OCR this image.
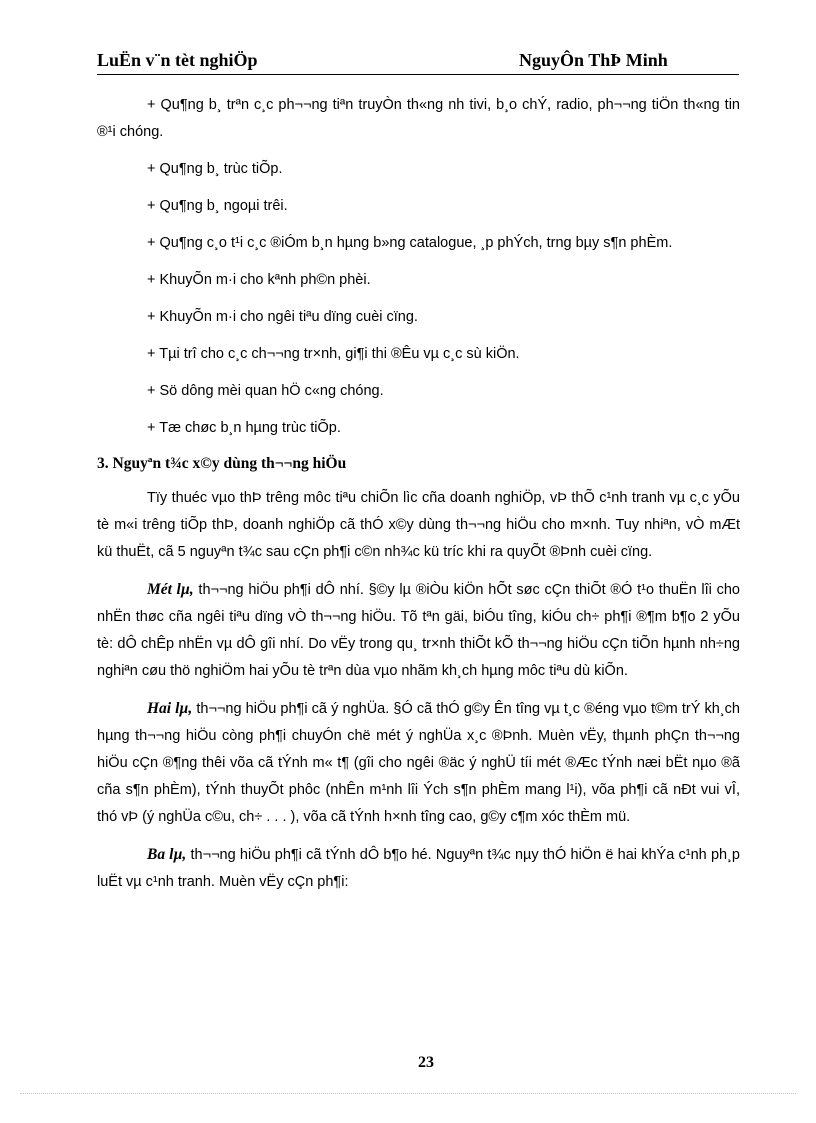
LuËn v¨n tèt nghiÖp	NguyÔn ThÞ Minh

+ Qu¶ng b¸ trªn c¸c ph¬¬ng tiªn truyÒn th«ng nh tivi, b¸o chÝ, radio, ph¬¬ng tiÖn th«ng tin ®¹i chóng.

+ Qu¶ng b¸ trùc tiÕp.

+ Qu¶ng b¸ ngoµi trêi.

+ Qu¶ng c¸o t¹i c¸c ®iÓm b¸n hµng b»ng catalogue, ¸p phÝch, trng bµy s¶n phÈm.

+ KhuyÕn m·i cho kªnh ph©n phèi.

+ KhuyÕn m·i cho ngêi tiªu dïng cuèi cïng.

+ Tµi trî cho c¸c ch¬¬ng tr×nh, gi¶i thi ®Êu vµ c¸c sù kiÖn.

+ Sö dông mèi quan hÖ c«ng chóng.

+ Tæ chøc b¸n hµng trùc tiÕp.

3. Nguyªn t¾c x©y dùng th¬¬ng hiÖu

Tïy thuéc vµo thÞ trêng môc tiªu chiÕn lìc cña doanh nghiÖp, vÞ thÕ c¹nh tranh vµ c¸c yÕu tè m«i trêng tiÕp thÞ, doanh nghiÖp cã thÓ x©y dùng th¬¬ng hiÖu cho m×nh. Tuy nhiªn, vÒ mÆt kü thuËt, cã 5 nguyªn t¾c sau cÇn ph¶i c©n nh¾c kü tríc khi ra quyÕt ®Þnh cuèi cïng.

Mét lµ, th¬¬ng hiÖu ph¶i dÔ nhí. §©y lµ ®iÒu kiÖn hÕt søc cÇn thiÕt ®Ó t¹o thuËn lîi cho nhËn thøc cña ngêi tiªu dïng vÒ th¬¬ng hiÖu. Tõ tªn gäi, biÓu tîng, kiÓu ch÷ ph¶i ®¶m b¶o 2 yÕu tè: dÔ chÊp nhËn vµ dÔ gîi nhí. Do vËy trong qu¸ tr×nh thiÕt kÕ th¬¬ng hiÖu cÇn tiÕn hµnh nh÷ng nghiªn cøu thö nghiÖm hai yÕu tè trªn dùa vµo nhãm kh¸ch hµng môc tiªu dù kiÕn.

Hai lµ, th¬¬ng hiÖu ph¶i cã ý nghÜa. §Ó cã thÓ g©y Ên tîng vµ t¸c ®éng vµo t©m trÝ kh¸ch hµng th¬¬ng hiÖu còng ph¶i chuyÓn chë mét ý nghÜa x¸c ®Þnh. Muèn vËy, thµnh phÇn th¬¬ng hiÖu cÇn ®¶ng thêi võa cã tÝnh m« t¶ (gîi cho ngêi ®äc ý nghÜ tíi mét ®Æc tÝnh næi bËt nµo ®ã cña s¶n phÈm), tÝnh thuyÕt phôc (nhÊn m¹nh lîi Ých s¶n phÈm mang l¹i), võa ph¶i cã nÐt vui vÎ, thó vÞ (ý nghÜa c©u, ch÷ . . . ), võa cã tÝnh h×nh tîng cao, g©y c¶m xóc thÈm mü.

Ba lµ, th¬¬ng hiÖu ph¶i cã tÝnh dÔ b¶o hé. Nguyªn t¾c nµy thÓ hiÖn ë hai khÝa c¹nh ph¸p luËt vµ c¹nh tranh. Muèn vËy cÇn ph¶i:

23
